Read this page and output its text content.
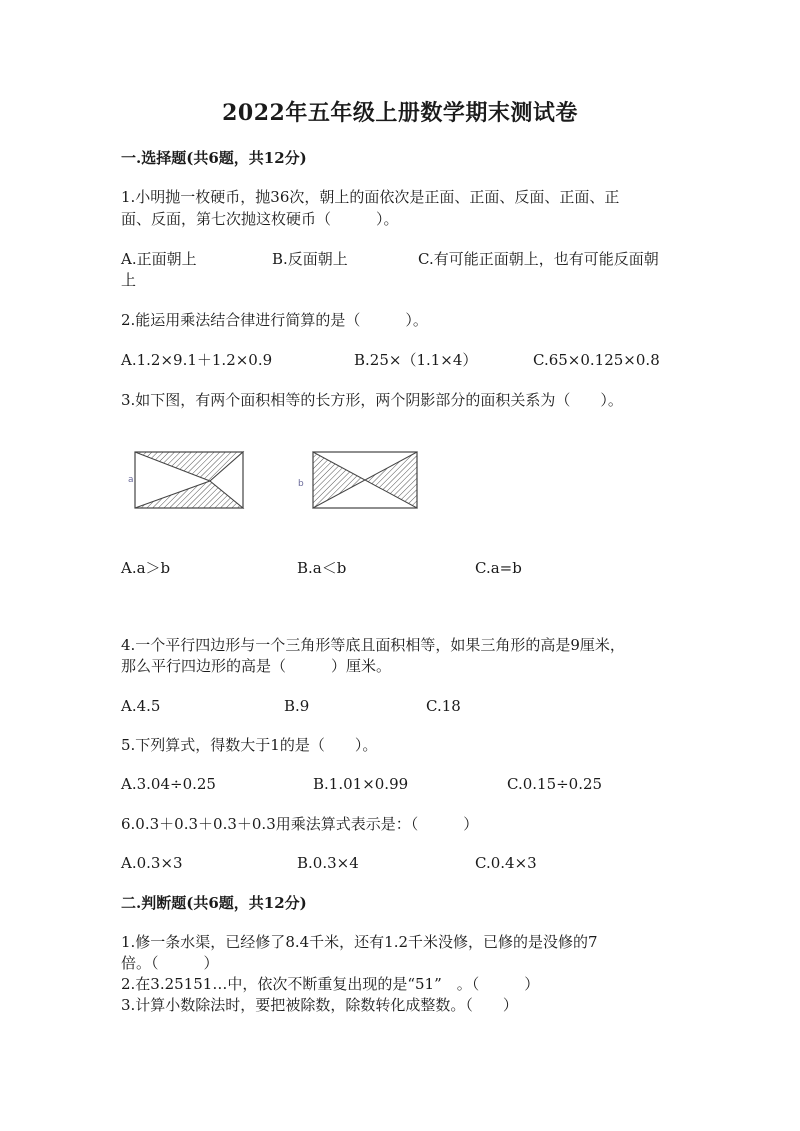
2022年五年级上册数学期末测试卷
一.选择题(共6题，共12分)
1.小明抛一枚硬币，抛36次，朝上的面依次是正面、正面、反面、正面、正
面、反面，第七次抛这枚硬币（　　　）。
A.正面朝上	B.反面朝上	C.有可能正面朝上，也有可能反面朝
上
2.能运用乘法结合律进行简算的是（　　　）。
A.1.2×9.1＋1.2×0.9	B.25×（1.1×4）	C.65×0.125×0.8
3.如下图，有两个面积相等的长方形，两个阴影部分的面积关系为（　　）。
a	b
A.a＞b	B.a＜b	C.a=b
4.一个平行四边形与一个三角形等底且面积相等，如果三角形的高是9厘米，
那么平行四边形的高是（　　　）厘米。
A.4.5	B.9	C.18
5.下列算式，得数大于1的是（　　）。
A.3.04÷0.25	B.1.01×0.99	C.0.15÷0.25
6.0.3＋0.3＋0.3＋0.3用乘法算式表示是：（　　　）
A.0.3×3	B.0.3×4	C.0.4×3
二.判断题(共6题，共12分)
1.修一条水渠，已经修了8.4千米，还有1.2千米没修，已修的是没修的7
倍。（　　　）
2.在3.25151…中，依次不断重复出现的是“51”　。（　　　）
3.计算小数除法时，要把被除数，除数转化成整数。（　　）
